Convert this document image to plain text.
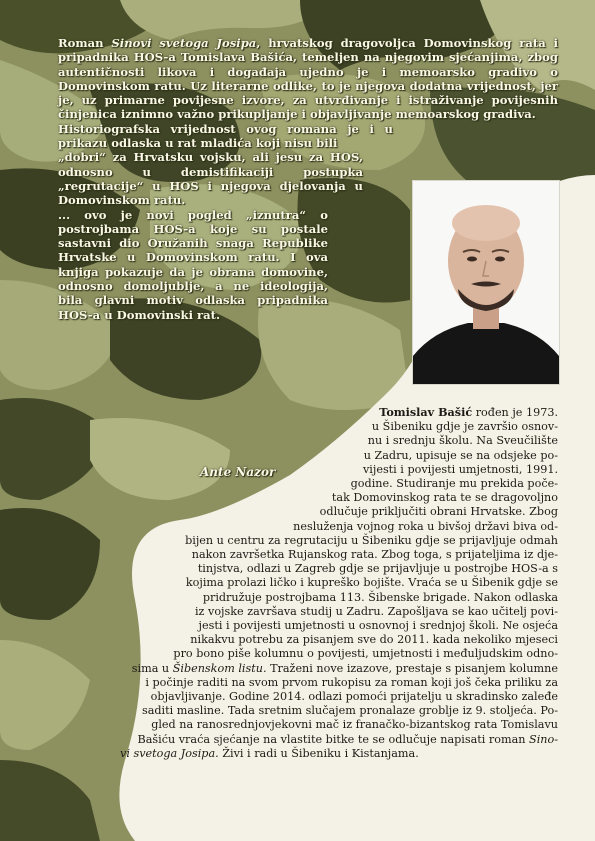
Roman Sinovi svetoga Josipa, hrvatskog dragovoljca Domovinskog rata i pripadnika HOS-a Tomislava Bašića, temeljen na njegovim sjećanjima, zbog autentičnosti likova i događaja ujedno je i memoarsko gradivo o Domovinskom ratu. Uz literarne odlike, to je njegova dodatna vrijednost, jer je, uz primarne povijesne izvore, za utvrđivanje i istraživanje povijesnih činjenica iznimno važno prikupljanje i objavljivanje memoarskog gradiva.

Historiografska vrijednost ovog romana je i u prikazu odlaska u rat mladića koji nisu bili

„dobri“ za Hrvatsku vojsku, ali jesu za HOS, odnosno u demistifikaciji postupka „regrutacije“ u HOS i njegova djelovanja u Domovinskom ratu.

... ovo je novi pogled „iznutra“ o postrojbama HOS-a koje su postale sastavni dio Oružanih snaga Republike Hrvatske u Domovinskom ratu. I ova knjiga pokazuje da je obrana domovine, odnosno domoljublje, a ne ideologija, bila glavni motiv odlaska pripadnika HOS-a u Domovinski rat.

Ante Nazor
Tomislav Bašić rođen je 1973.
u Šibeniku gdje je završio osnov-
nu i srednju školu. Na Sveučilište
u Zadru, upisuje se na odsjeke po-
vijesti i povijesti umjetnosti, 1991.
godine. Studiranje mu prekida poče-
tak Domovinskog rata te se dragovoljno
odlučuje priključiti obrani Hrvatske. Zbog
nesluženja vojnog roka u bivšoj državi biva od-
bijen u centru za regrutaciju u Šibeniku gdje se prijavljuje odmah
nakon završetka Rujanskog rata. Zbog toga, s prijateljima iz dje-
tinjstva, odlazi u Zagreb gdje se prijavljuje u postrojbe HOS-a s
kojima prolazi ličko i kupreško bojište. Vraća se u Šibenik gdje se
pridružuje postrojbama 113. Šibenske brigade. Nakon odlaska
iz vojske završava studij u Zadru. Zapošljava se kao učitelj povi-
jesti i povijesti umjetnosti u osnovnoj i srednjoj školi. Ne osjeća
nikakvu potrebu za pisanjem sve do 2011. kada nekoliko mjeseci
pro bono piše kolumnu o povijesti, umjetnosti i međuljudskim odno-
sima u Šibenskom listu. Traženi nove izazove, prestaje s pisanjem kolumne
i počinje raditi na svom prvom rukopisu za roman koji još čeka priliku za
objavljivanje. Godine 2014. odlazi pomoći prijatelju u skradinsko zaleđe
saditi masline. Tada sretnim slučajem pronalaze groblje iz 9. stoljeća. Po-
gled na ranosrednjovjekovni mač iz franačko-bizantskog rata Tomislavu
Bašiću vraća sjećanje na vlastite bitke te se odlučuje napisati roman Sino-
vi svetoga Josipa. Živi i radi u Šibeniku i Kistanjama.
